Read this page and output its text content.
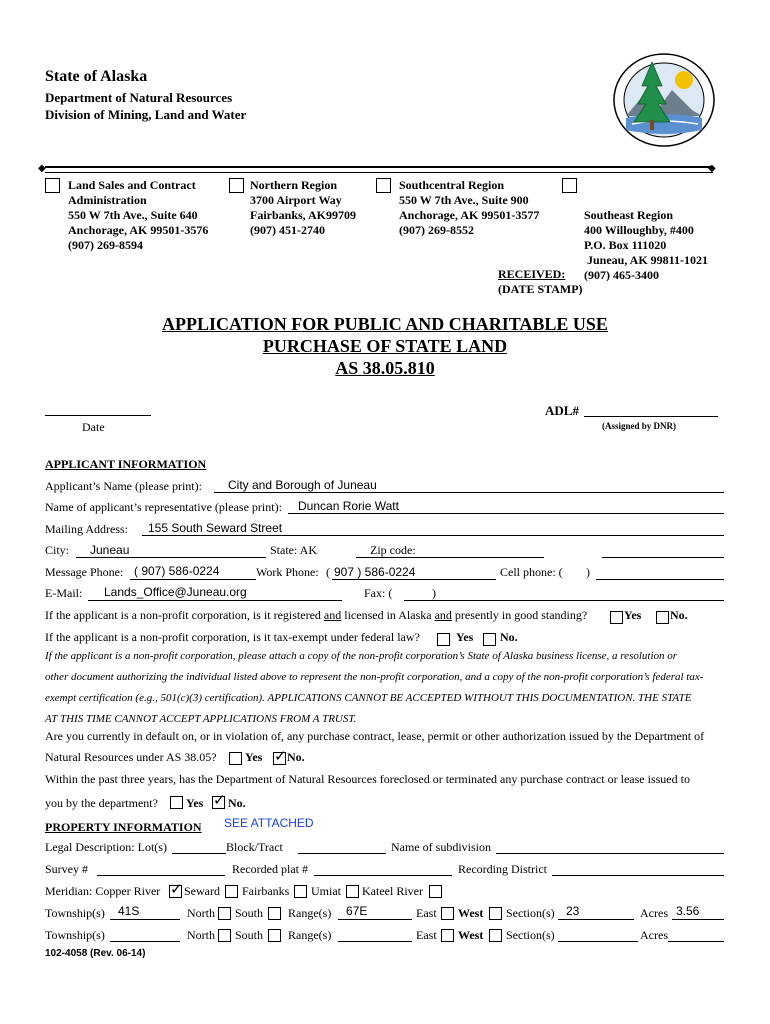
State of Alaska
Department of Natural Resources
Division of Mining, Land and Water
◆	◆
Land Sales and Contract
Administration
550 W 7th Ave., Suite 640
Anchorage, AK 99501-3576
(907) 269-8594
Northern Region
3700 Airport Way
Fairbanks, AK99709
(907) 451-2740
Southcentral Region
550 W 7th Ave., Suite 900
Anchorage, AK 99501-3577
(907) 269-8552

Southeast Region
400 Willoughby, #400
P.O. Box 111020
Juneau, AK 99811-1021
(907) 465-3400

RECEIVED:
(DATE STAMP)
APPLICATION FOR PUBLIC AND CHARITABLE USE
PURCHASE OF STATE LAND
AS 38.05.810
Date
ADL#
(Assigned by DNR)
APPLICANT INFORMATION
Applicant’s Name (please print): City and Borough of Juneau
Name of applicant’s representative (please print): Duncan Rorie Watt
Mailing Address: 155 South Seward Street
City: Juneau	State: AK	Zip code:
Message Phone: ( 907) 586-0224	Work Phone: ( 907 ) 586-0224	Cell phone: ( )
E-Mail: Lands_Office@Juneau.org	Fax: (	)
If the applicant is a non-profit corporation, is it registered and licensed in Alaska and presently in good standing?	Yes No.
If the applicant is a non-profit corporation, is it tax-exempt under federal law?	Yes No.
If the applicant is a non-profit corporation, please attach a copy of the non-profit corporation’s State of Alaska business license, a resolution or
other document authorizing the individual listed above to represent the non-profit corporation, and a copy of the non-profit corporation’s federal tax-
exempt certification (e.g., 501(c)(3) certification). APPLICATIONS CANNOT BE ACCEPTED WITHOUT THIS DOCUMENTATION. THE STATE
AT THIS TIME CANNOT ACCEPT APPLICATIONS FROM A TRUST.
Are you currently in default on, or in violation of, any purchase contract, lease, permit or other authorization issued by the Department of
Natural Resources under AS 38.05? Yes ✓ No.
Within the past three years, has the Department of Natural Resources foreclosed or terminated any purchase contract or lease issued to
you by the department? Yes ✓ No.
PROPERTY INFORMATION SEE ATTACHED
Legal Description: Lot(s)	Block/Tract	Name of subdivision
Survey #	Recorded plat #	Recording District
Meridian: Copper River ✓ Seward Fairbanks Umiat Kateel River
Township(s) 41S	North South Range(s) 67E	East West Section(s) 23	Acres 3.56
Township(s)	North South Range(s)	East West Section(s)	Acres
102-4058 (Rev. 06-14)
